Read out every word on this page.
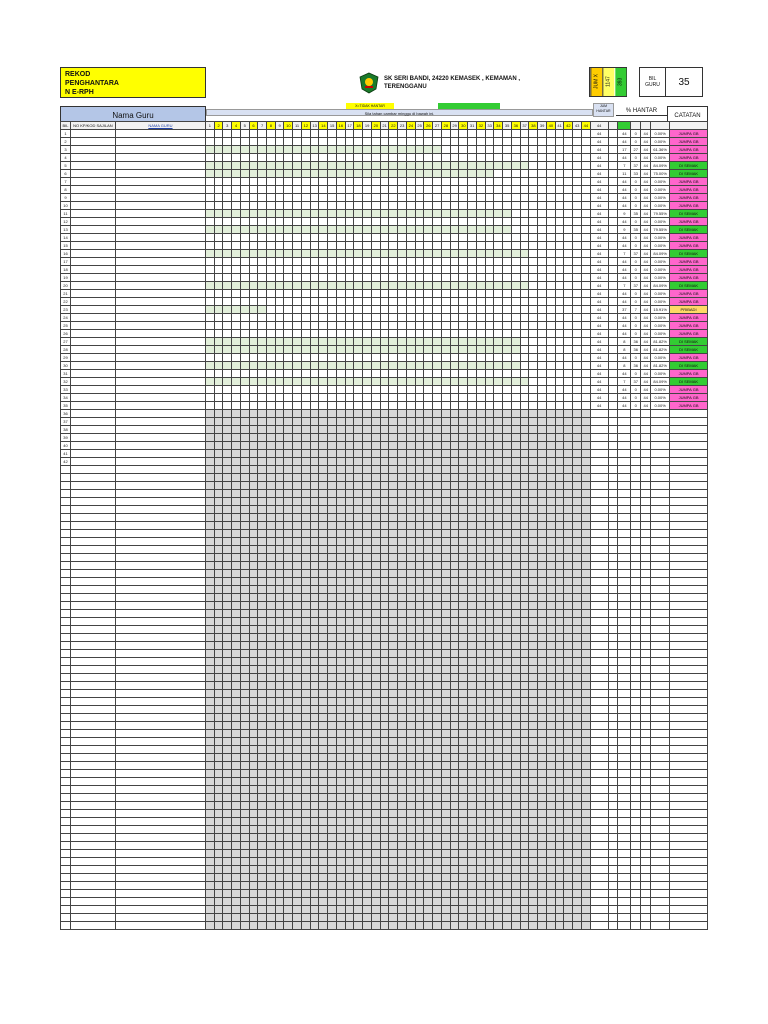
REKOD
PENGHANTARA
N E-RPH
SK SERI BANDI, 24220 KEMASEK , KEMAMAN ,
TERENGGANU	JUM X	1147	393	BIL
GURU	35
Nama Guru
X=TIDAK HANTAR
Sila tahan cambar minggu di bawah ini.
JUM
HANTAR	% HANTAR
CATATAN
BIL	NO KP/KOD SAJILAN	NAMA GURU	1	2	3	4	5	6	7	8	9	10	11	12	13	14	15	16	17	18	19	20	21	22	23	24	25	26	27	28	29	30	31	32	33	34	35	36	37	38	39	40	41	42	43	44	44						
1																																															44		44	0	44	0.00%	JUMPA GB
2																																															44		44	0	44	0.00%	JUMPA GB
3																																															44		17	27	44	61.36%	JUMPA GB
4																																															44		44	0	44	0.00%	JUMPA GB
5																																															44		7	37	44	84.09%	DI SEMAK
6																																															44		11	33	44	75.00%	DI SEMAK
7																																															44		44	0	44	0.00%	JUMPA GB
8																																															44		44	0	44	0.00%	JUMPA GB
9																																															44		44	0	44	0.00%	JUMPA GB
10																																															44		44	0	44	0.00%	JUMPA GB
11																																															44		9	35	44	79.55%	DI SEMAK
12																																															44		44	0	44	0.00%	JUMPA GB
13																																															44		9	35	44	79.55%	DI SEMAK
14																																															44		44	0	44	0.00%	JUMPA GB
15																																															44		44	0	44	0.00%	JUMPA GB
16																																															44		7	37	44	84.09%	DI SEMAK
17																																															44		44	0	44	0.00%	JUMPA GB
18																																															44		44	0	44	0.00%	JUMPA GB
19																																															44		44	0	44	0.00%	JUMPA GB
20																																															44		7	37	44	84.09%	DI SEMAK
21																																															44		44	0	44	0.00%	JUMPA GB
22																																															44		44	0	44	0.00%	JUMPA GB
23																																															44		37	7	44	15.91%	PRIBADI
24																																															44		44	0	44	0.00%	JUMPA GB
25																																															44		44	0	44	0.00%	JUMPA GB
26																																															44		44	0	44	0.00%	JUMPA GB
27																																															44		8	36	44	81.82%	DI SEMAK
28																																															44		8	36	44	81.82%	DI SEMAK
29																																															44		44	0	44	0.00%	JUMPA GB
30																																															44		8	36	44	81.82%	DI SEMAK
31																																															44		44	0	44	0.00%	JUMPA GB
32																																															44		7	37	44	84.09%	DI SEMAK
33																																															44		44	0	44	0.00%	JUMPA GB
34																																															44		44	0	44	0.00%	JUMPA GB
35																																															44		44	0	44	0.00%	JUMPA GB
36																																																					
37																																																					
38																																																					
39																																																					
40																																																					
41																																																					
42																																																					
